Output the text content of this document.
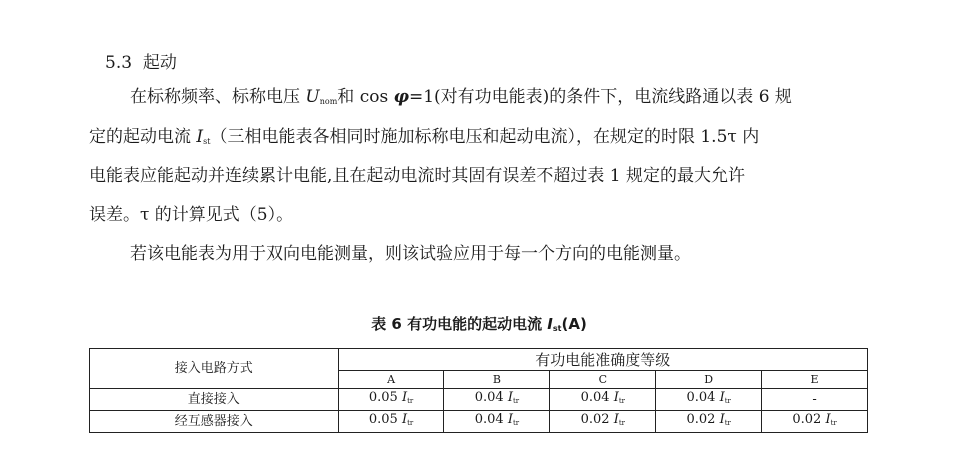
5.3 起动
在标称频率、标称电压 $U_{nom}$和 cos φ=1(对有功电能表)的条件下，电流线路通以表 6 规
定的起动电流 $I_{st}$（三相电能表各相同时施加标称电压和起动电流），在规定的时限 1.5τ 内
电能表应能起动并连续累计电能,且在起动电流时其固有误差不超过表 1 规定的最大允许
误差。τ 的计算见式（5）。
若该电能表为用于双向电能测量，则该试验应用于每一个方向的电能测量。
表 6 有功电能的起动电流 $I_{st}(A)$
接入电路方式	有功电能准确度等级				
	A	B	C	D	E
直接接入	0.05 $I_{tr}$	0.04 $I_{tr}$	0.04 $I_{tr}$	0.04 $I_{tr}$	-
经互感器接入	0.05 $I_{tr}$	0.04 $I_{tr}$	0.02 $I_{tr}$	0.02 $I_{tr}$	0.02 $I_{tr}$
